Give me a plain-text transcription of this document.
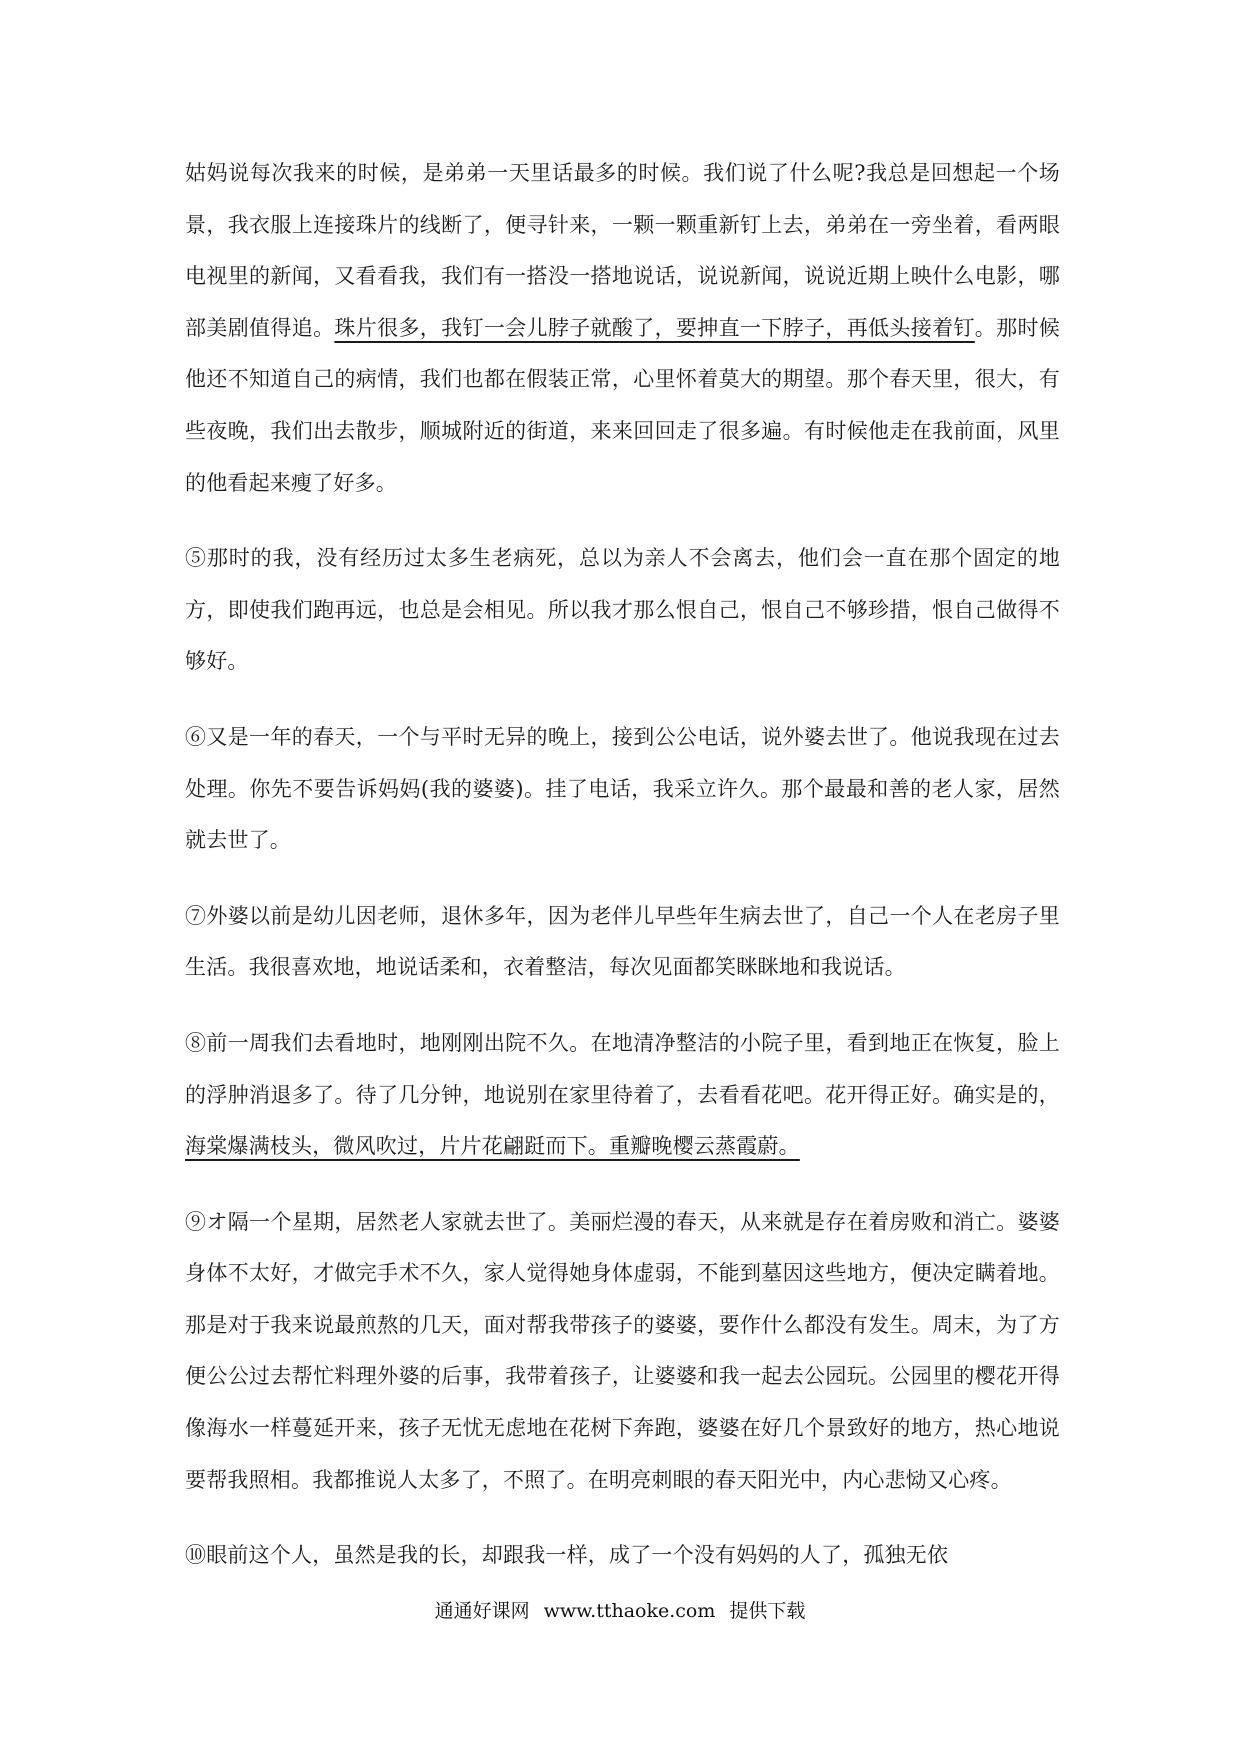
姑妈说每次我来的时候，是弟弟一天里话最多的时候。我们说了什么呢?我总是回想起一个场景，我衣服上连接珠片的线断了，便寻针来，一颗一颗重新钉上去，弟弟在一旁坐着，看两眼电视里的新闻，又看看我，我们有一搭没一搭地说话，说说新闻，说说近期上映什么电影，哪部美剧值得追。珠片很多，我钉一会儿脖子就酸了，要抻直一下脖子，再低头接着钉。那时候他还不知道自己的病情，我们也都在假装正常，心里怀着莫大的期望。那个春天里，很大，有些夜晚，我们出去散步，顺城附近的街道，来来回回走了很多遍。有时候他走在我前面，风里的他看起来瘦了好多。

⑤那时的我，没有经历过太多生老病死，总以为亲人不会离去，他们会一直在那个固定的地方，即使我们跑再远，也总是会相见。所以我才那么恨自己，恨自己不够珍措，恨自己做得不够好。

⑥又是一年的春天，一个与平时无异的晚上，接到公公电话，说外婆去世了。他说我现在过去处理。你先不要告诉妈妈(我的婆婆)。挂了电话，我采立许久。那个最最和善的老人家，居然就去世了。

⑦外婆以前是幼儿因老师，退休多年，因为老伴儿早些年生病去世了，自己一个人在老房子里生活。我很喜欢地，地说话柔和，衣着整洁，每次见面都笑眯眯地和我说话。

⑧前一周我们去看地时，地刚刚出院不久。在地清净整洁的小院子里，看到地正在恢复，脸上的浮肿消退多了。待了几分钟，地说别在家里待着了，去看看花吧。花开得正好。确实是的，海棠爆满枝头，微风吹过，片片花翩跹而下。重瓣晚樱云蒸霞蔚。

⑨オ隔一个星期，居然老人家就去世了。美丽烂漫的春天，从来就是存在着房败和消亡。婆婆身体不太好，才做完手术不久，家人觉得她身体虚弱，不能到墓因这些地方，便决定瞒着地。那是对于我来说最煎熬的几天，面对帮我带孩子的婆婆，要作什么都没有发生。周末，为了方便公公过去帮忙料理外婆的后事，我带着孩子，让婆婆和我一起去公园玩。公园里的樱花开得像海水一样蔓延开来，孩子无忧无虑地在花树下奔跑，婆婆在好几个景致好的地方，热心地说要帮我照相。我都推说人太多了，不照了。在明亮刺眼的春天阳光中，内心悲恸又心疼。

⑩眼前这个人，虽然是我的长，却跟我一样，成了一个没有妈妈的人了，孤独无依

通通好课网 www.tthaoke.com 提供下载
